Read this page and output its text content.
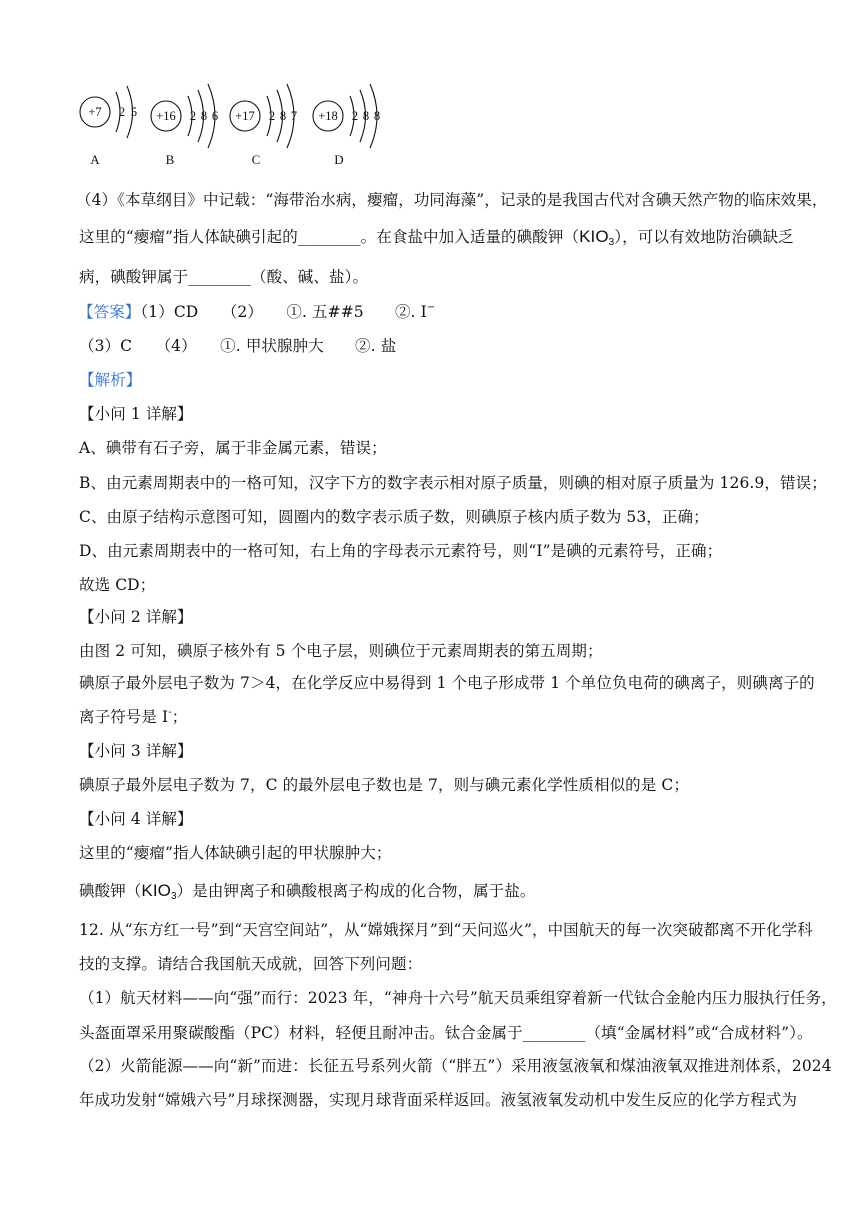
+7 2 5 +16 2 8 6 +17 2 8 7 +18 2 8 8
A	B	C	D
（4）《本草纲目》中记载：“海带治水病，瘿瘤，功同海藻”，记录的是我国古代对含碘天然产物的临床效果，
这里的“瘿瘤”指人体缺碘引起的________。在食盐中加入适量的碘酸钾$(KIO_3)$，可以有效地防治碘缺乏
病，碘酸钾属于________（酸、碱、盐）。
【答案】（1）CD　　（2）　　①. 五##5　　②. I−
（3）C　　（4）　　①. 甲状腺肿大　　②. 盐
【解析】
【小问 1 详解】
A、碘带有石子旁，属于非金属元素，错误；
B、由元素周期表中的一格可知，汉字下方的数字表示相对原子质量，则碘的相对原子质量为 126.9，错误；
C、由原子结构示意图可知，圆圈内的数字表示质子数，则碘原子核内质子数为 53，正确；
D、由元素周期表中的一格可知，右上角的字母表示元素符号，则“I”是碘的元素符号，正确；
故选 CD；
【小问 2 详解】
由图 2 可知，碘原子核外有 5 个电子层，则碘位于元素周期表的第五周期；
碘原子最外层电子数为 7＞4，在化学反应中易得到 1 个电子形成带 1 个单位负电荷的碘离子，则碘离子的
离子符号是 I-；
【小问 3 详解】
碘原子最外层电子数为 7，C 的最外层电子数也是 7，则与碘元素化学性质相似的是 C；
【小问 4 详解】
这里的“瘿瘤”指人体缺碘引起的甲状腺肿大；
碘酸钾$(KIO_3)$是由钾离子和碘酸根离子构成的化合物，属于盐。
12. 从“东方红一号”到“天宫空间站”，从“嫦娥探月”到“天问巡火”，中国航天的每一次突破都离不开化学科
技的支撑。请结合我国航天成就，回答下列问题：
（1）航天材料——向“强”而行：2023 年，“神舟十六号”航天员乘组穿着新一代钛合金舱内压力服执行任务，
头盔面罩采用聚碳酸酯（PC）材料，轻便且耐冲击。钛合金属于________（填“金属材料”或“合成材料”）。
（2）火箭能源——向“新”而进：长征五号系列火箭（“胖五”）采用液氢液氧和煤油液氧双推进剂体系，2024
年成功发射“嫦娥六号”月球探测器，实现月球背面采样返回。液氢液氧发动机中发生反应的化学方程式为
